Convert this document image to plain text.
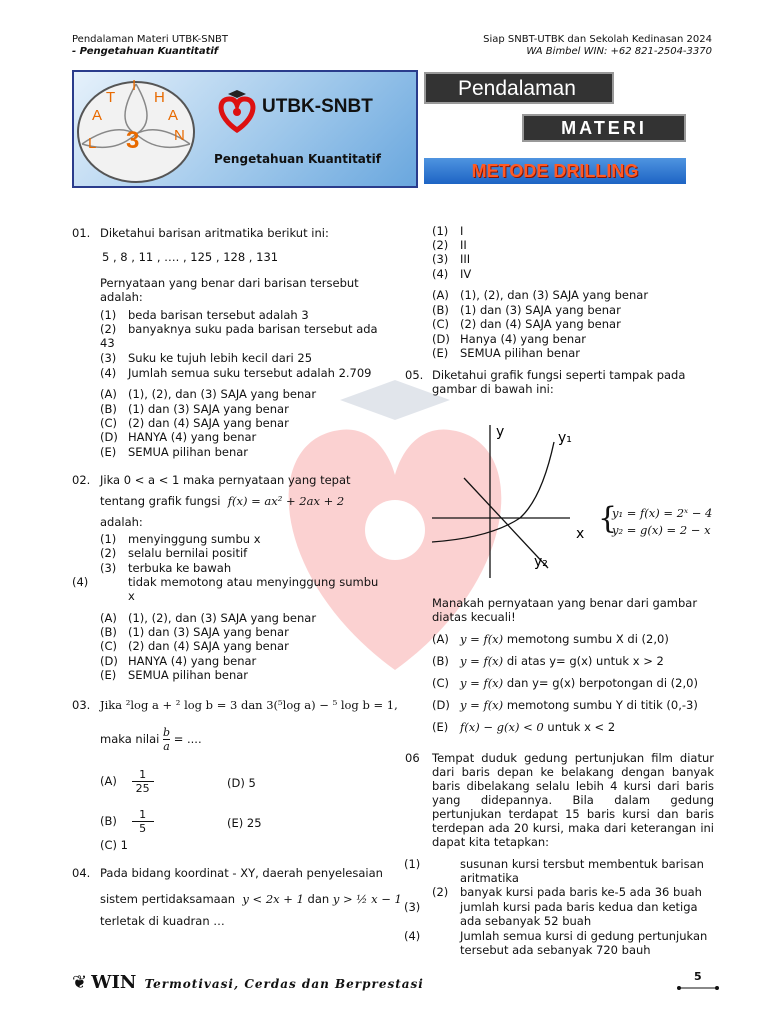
Pendalaman Materi UTBK-SNBT
- Pengetahuan Kuantitatif
Siap SNBT-UTBK dan Sekolah Kedinasan 2024
WA Bimbel WIN: +62 821-2504-3370
L
A
T
I
H
A
N
3
UTBK-SNBT
Pengetahuan Kuantitatif
Pendalaman
MATERI
METODE DRILLING
01. Diketahui barisan aritmatika berikut ini:
5 , 8 , 11 , …. , 125 , 128 , 131
Pernyataan yang benar dari barisan tersebut adalah:
(1) beda barisan tersebut adalah 3
(2) banyaknya suku pada barisan tersebut ada 43
(3) Suku ke tujuh lebih kecil dari 25
(4) Jumlah semua suku tersebut adalah 2.709
(A) (1), (2), dan (3) SAJA yang benar
(B) (1) dan (3) SAJA yang benar
(C) (2) dan (4) SAJA yang benar
(D) HANYA (4) yang benar
(E) SEMUA pilihan benar
02. Jika 0 < a < 1 maka pernyataan yang tepat
tentang grafik fungsi f(x) = ax² + 2ax + 2
adalah:
(1) menyinggung sumbu x
(2) selalu bernilai positif
(3) terbuka ke bawah
(4)	tidak memotong atau menyinggung sumbu x
(A) (1), (2), dan (3) SAJA yang benar
(B) (1) dan (3) SAJA yang benar
(C) (2) dan (4) SAJA yang benar
(D) HANYA (4) yang benar
(E) SEMUA pilihan benar
03. Jika ²log a + ² log b = 3 dan 3(⁵log a) − ⁵ log b = 1,
maka nilai $\frac{b}{a}$ = ....
$(A) \frac{1}{25}$	(D) 5
$(B) \frac{1}{5}$	(E) 25
(C) 1
04. Pada bidang koordinat - XY, daerah penyelesaian
sistem pertidaksamaan y < 2x + 1 dan y > ½ x − 1
terletak di kuadran …
(1) I
(2) II
(3) III
(4) IV
(A) (1), (2), dan (3) SAJA yang benar
(B) (1) dan (3) SAJA yang benar
(C) (2) dan (4) SAJA yang benar
(D) Hanya (4) yang benar
(E) SEMUA pilihan benar
05. Diketahui grafik fungsi seperti tampak pada gambar di bawah ini:
y
x
y₁
y₂
{
y₁ = f(x) = 2ˣ − 4
y₂ = g(x) = 2 − x
Manakah pernyataan yang benar dari gambar diatas kecuali!
(A) y = f(x) memotong sumbu X di (2,0)
(B) y = f(x) di atas y= g(x) untuk x > 2
(C) y = f(x) dan y= g(x) berpotongan di (2,0)
(D) y = f(x) memotong sumbu Y di titik (0,-3)
(E) f(x) − g(x) < 0 untuk x < 2
06 Tempat duduk gedung pertunjukan film diatur dari baris depan ke belakang dengan banyak baris dibelakang selalu lebih 4 kursi dari baris yang didepannya. Bila dalam gedung pertunjukan terdapat 15 baris kursi dan baris terdepan ada 20 kursi, maka dari keterangan ini dapat kita tetapkan:
(1)	susunan kursi tersbut membentuk barisan aritmatika
(2) banyak kursi pada baris ke-5 ada 36 buah
(3)	jumlah kursi pada baris kedua dan ketiga ada sebanyak 52 buah
(4)	Jumlah semua kursi di gedung pertunjukan tersebut ada sebanyak 720 bauh
❦ WIN Termotivasi, Cerdas dan Berprestasi
5
